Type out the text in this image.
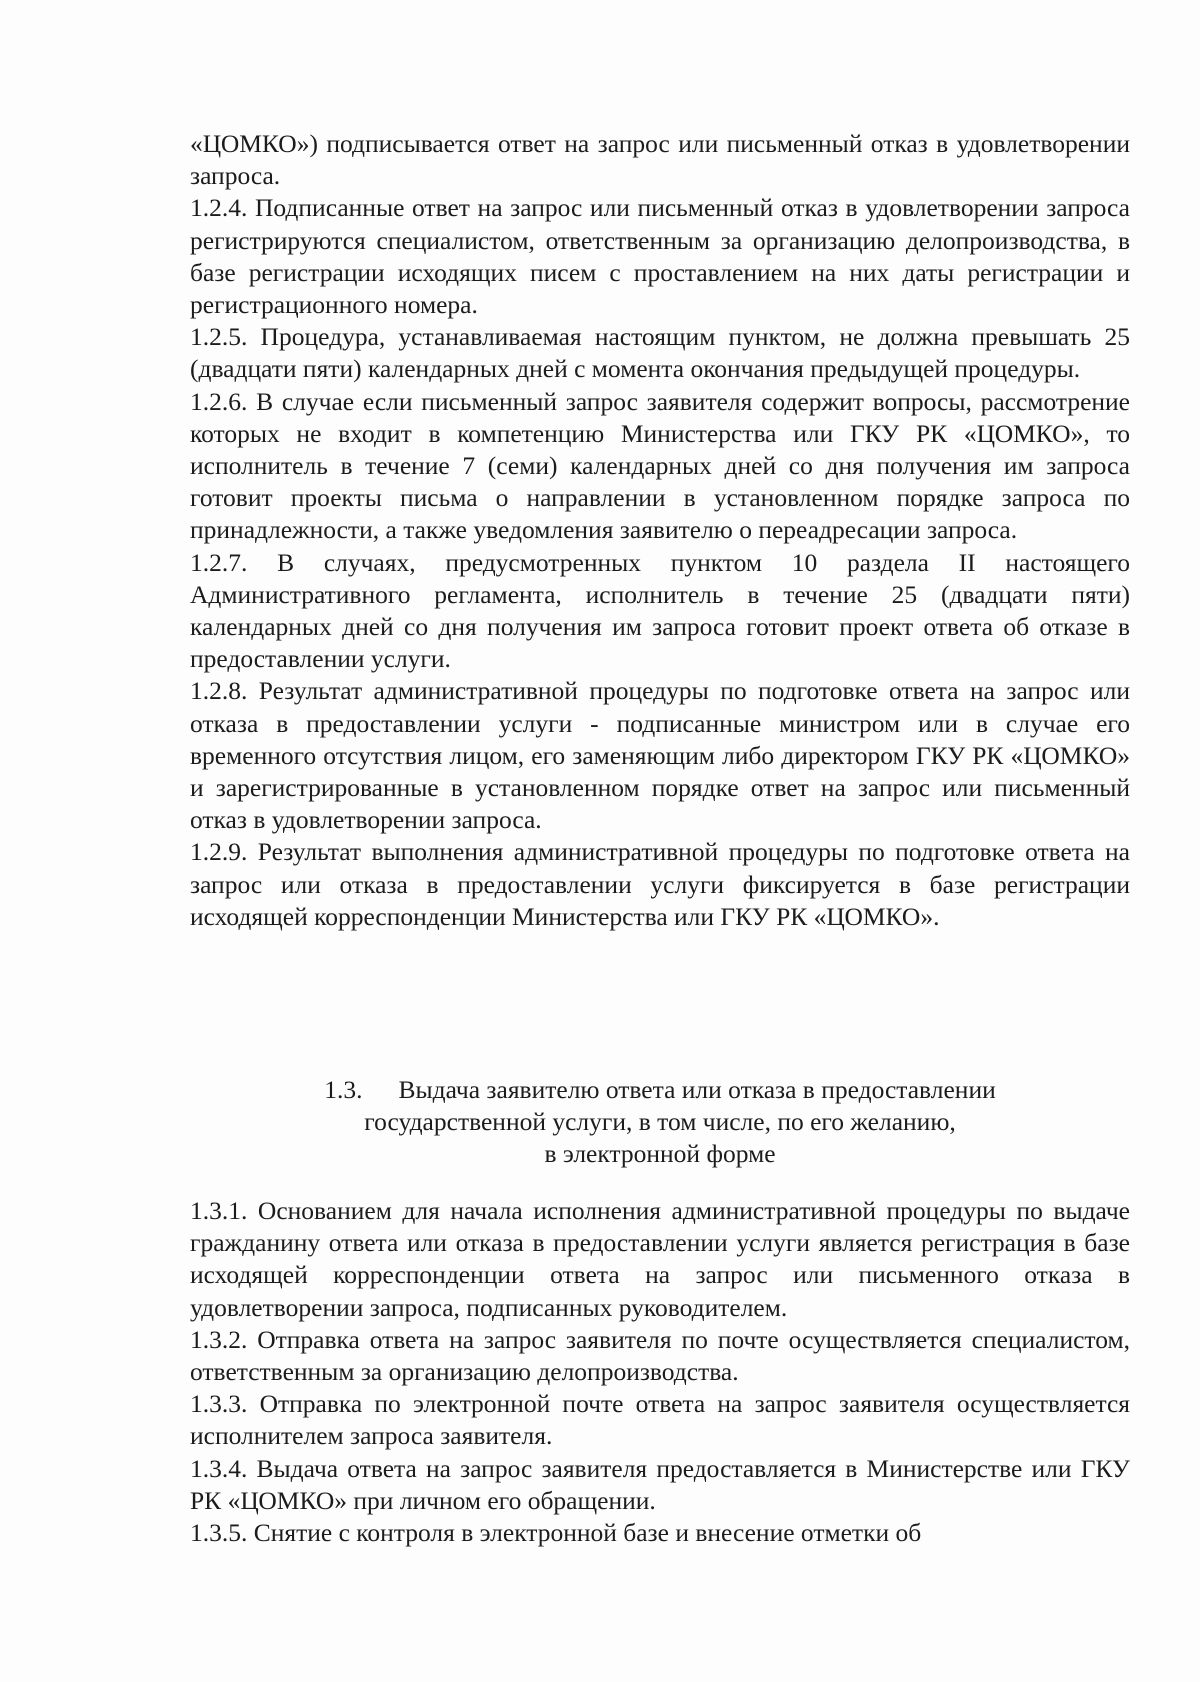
«ЦОМКО») подписывается ответ на запрос или письменный отказ в удовлетворении запроса.

1.2.4. Подписанные ответ на запрос или письменный отказ в удовлетворении запроса регистрируются специалистом, ответственным за организацию делопроизводства, в базе регистрации исходящих писем с проставлением на них даты регистрации и регистрационного номера.

1.2.5. Процедура, устанавливаемая настоящим пунктом, не должна превышать 25 (двадцати пяти) календарных дней с момента окончания предыдущей процедуры.

1.2.6. В случае если письменный запрос заявителя содержит вопросы, рассмотрение которых не входит в компетенцию Министерства или ГКУ РК «ЦОМКО», то исполнитель в течение 7 (семи) календарных дней со дня получения им запроса готовит проекты письма о направлении в установленном порядке запроса по принадлежности, а также уведомления заявителю о переадресации запроса.

1.2.7. В случаях, предусмотренных пунктом 10 раздела II настоящего Административного регламента, исполнитель в течение 25 (двадцати пяти) календарных дней со дня получения им запроса готовит проект ответа об отказе в предоставлении услуги.

1.2.8. Результат административной процедуры по подготовке ответа на запрос или отказа в предоставлении услуги - подписанные министром или в случае его временного отсутствия лицом, его заменяющим либо директором ГКУ РК «ЦОМКО» и зарегистрированные в установленном порядке ответ на запрос или письменный отказ в удовлетворении запроса.

1.2.9. Результат выполнения административной процедуры по подготовке ответа на запрос или отказа в предоставлении услуги фиксируется в базе регистрации исходящей корреспонденции Министерства или ГКУ РК «ЦОМКО».

1.3. Выдача заявителю ответа или отказа в предоставлении
государственной услуги, в том числе, по его желанию,
в электронной форме

1.3.1. Основанием для начала исполнения административной процедуры по выдаче гражданину ответа или отказа в предоставлении услуги является регистрация в базе исходящей корреспонденции ответа на запрос или письменного отказа в удовлетворении запроса, подписанных руководителем.

1.3.2. Отправка ответа на запрос заявителя по почте осуществляется специалистом, ответственным за организацию делопроизводства.

1.3.3. Отправка по электронной почте ответа на запрос заявителя осуществляется исполнителем запроса заявителя.

1.3.4. Выдача ответа на запрос заявителя предоставляется в Министерстве или ГКУ РК «ЦОМКО» при личном его обращении.

1.3.5. Снятие с контроля в электронной базе и внесение отметки об
